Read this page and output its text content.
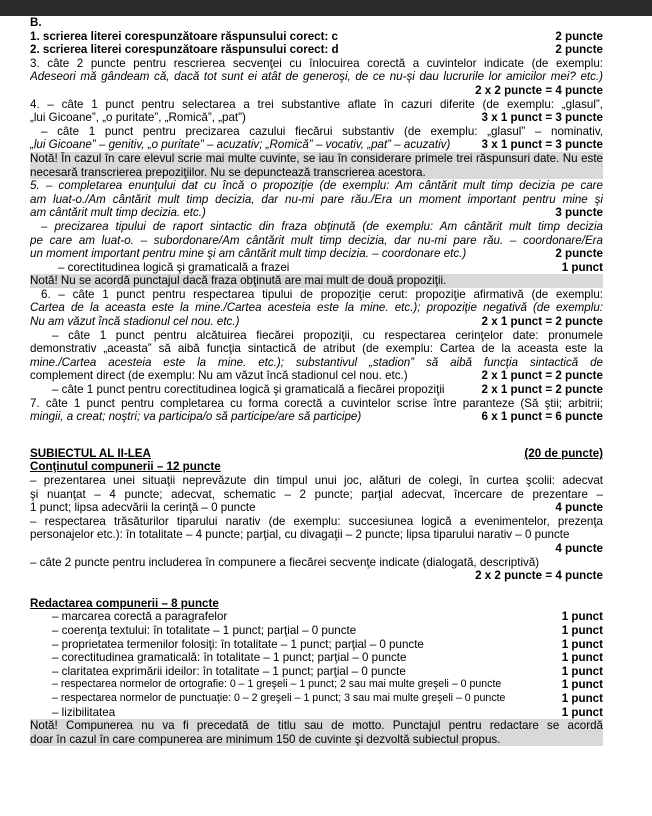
B.
1. scrierea literei corespunzătoare răspunsului corect: c	2 puncte
2. scrierea literei corespunzătoare răspunsului corect: d	2 puncte
3. câte 2 puncte pentru rescrierea secvenţei cu înlocuirea corectă a cuvintelor indicate (de exemplu:
Adeseori mă gândeam că, dacă tot sunt ei atât de generoşi, de ce nu-şi dau lucrurile lor amicilor mei? etc.)
2 x 2 puncte = 4 puncte
4. – câte 1 punct pentru selectarea a trei substantive aflate în cazuri diferite (de exemplu: „glasul”,
„lui Gicoane”, „o puritate”, „Romică”, „pat”)	3 x 1 punct = 3 puncte
– câte 1 punct pentru precizarea cazului fiecărui substantiv (de exemplu: „glasul” – nominativ,
„lui Gicoane” – genitiv, „o puritate” – acuzativ; „Romică” – vocativ, „pat” – acuzativ)	3 x 1 punct = 3 puncte
Notă! În cazul în care elevul scrie mai multe cuvinte, se iau în considerare primele trei răspunsuri date. Nu este
necesară transcrierea prepoziţiilor. Nu se depunctează transcrierea acestora.
5. – completarea enunţului dat cu încă o propoziţie (de exemplu: Am cântărit mult timp decizia pe care
am luat-o./Am cântărit mult timp decizia, dar nu-mi pare rău./Era un moment important pentru mine şi
am cântărit mult timp decizia. etc.)	3 puncte
– precizarea tipului de raport sintactic din fraza obţinută (de exemplu: Am cântărit mult timp decizia
pe care am luat-o. – subordonare/Am cântărit mult timp decizia, dar nu-mi pare rău. – coordonare/Era
un moment important pentru mine şi am cântărit mult timp decizia. – coordonare etc.)	2 puncte
– corectitudinea logică şi gramaticală a frazei	1 punct
Notă! Nu se acordă punctajul dacă fraza obţinută are mai mult de două propoziţii.
6. – câte 1 punct pentru respectarea tipului de propoziţie cerut: propoziţie afirmativă (de exemplu:
Cartea de la aceasta este la mine./Cartea acesteia este la mine. etc.); propoziţie negativă (de exemplu:
Nu am văzut încă stadionul cel nou. etc.)	2 x 1 punct = 2 puncte
– câte 1 punct pentru alcătuirea fiecărei propoziţii, cu respectarea cerinţelor date: pronumele
demonstrativ „aceasta” să aibă funcţia sintactică de atribut (de exemplu: Cartea de la aceasta este la
mine./Cartea acesteia este la mine. etc.); substantivul „stadion” să aibă funcţia sintactică de
complement direct (de exemplu: Nu am văzut încă stadionul cel nou. etc.)	2 x 1 punct = 2 puncte
– câte 1 punct pentru corectitudinea logică şi gramaticală a fiecărei propoziţii	2 x 1 punct = 2 puncte
7. câte 1 punct pentru completarea cu forma corectă a cuvintelor scrise între paranteze (Să ştii; arbitrii;
mingii, a creat; noştri; va participa/o să participe/are să participe)	6 x 1 punct = 6 puncte
SUBIECTUL AL II-LEA	(20 de puncte)
Conţinutul compunerii – 12 puncte
– prezentarea unei situaţii neprevăzute din timpul unui joc, alături de colegi, în curtea şcolii: adecvat
şi nuanţat – 4 puncte; adecvat, schematic – 2 puncte; parţial adecvat, încercare de prezentare –
1 punct; lipsa adecvării la cerinţă – 0 puncte	4 puncte
– respectarea trăsăturilor tiparului narativ (de exemplu: succesiunea logică a evenimentelor, prezenţa
personajelor etc.): în totalitate – 4 puncte; parţial, cu divagaţii – 2 puncte; lipsa tiparului narativ – 0 puncte
4 puncte
– câte 2 puncte pentru includerea în compunere a fiecărei secvenţe indicate (dialogată, descriptivă)
2 x 2 puncte = 4 puncte
Redactarea compunerii – 8 puncte
– marcarea corectă a paragrafelor	1 punct
– coerenţa textului: în totalitate – 1 punct; parţial – 0 puncte	1 punct
– proprietatea termenilor folosiţi: în totalitate – 1 punct; parţial – 0 puncte	1 punct
– corectitudinea gramaticală: în totalitate – 1 punct; parţial – 0 puncte	1 punct
– claritatea exprimării ideilor: în totalitate – 1 punct; parţial – 0 puncte	1 punct
– respectarea normelor de ortografie: 0 – 1 greşeli – 1 punct; 2 sau mai multe greşeli – 0 puncte	1 punct
– respectarea normelor de punctuaţie: 0 – 2 greşeli – 1 punct; 3 sau mai multe greşeli – 0 puncte	1 punct
– lizibilitatea	1 punct
Notă! Compunerea nu va fi precedată de titlu sau de motto. Punctajul pentru redactare se acordă
doar în cazul în care compunerea are minimum 150 de cuvinte şi dezvoltă subiectul propus.
